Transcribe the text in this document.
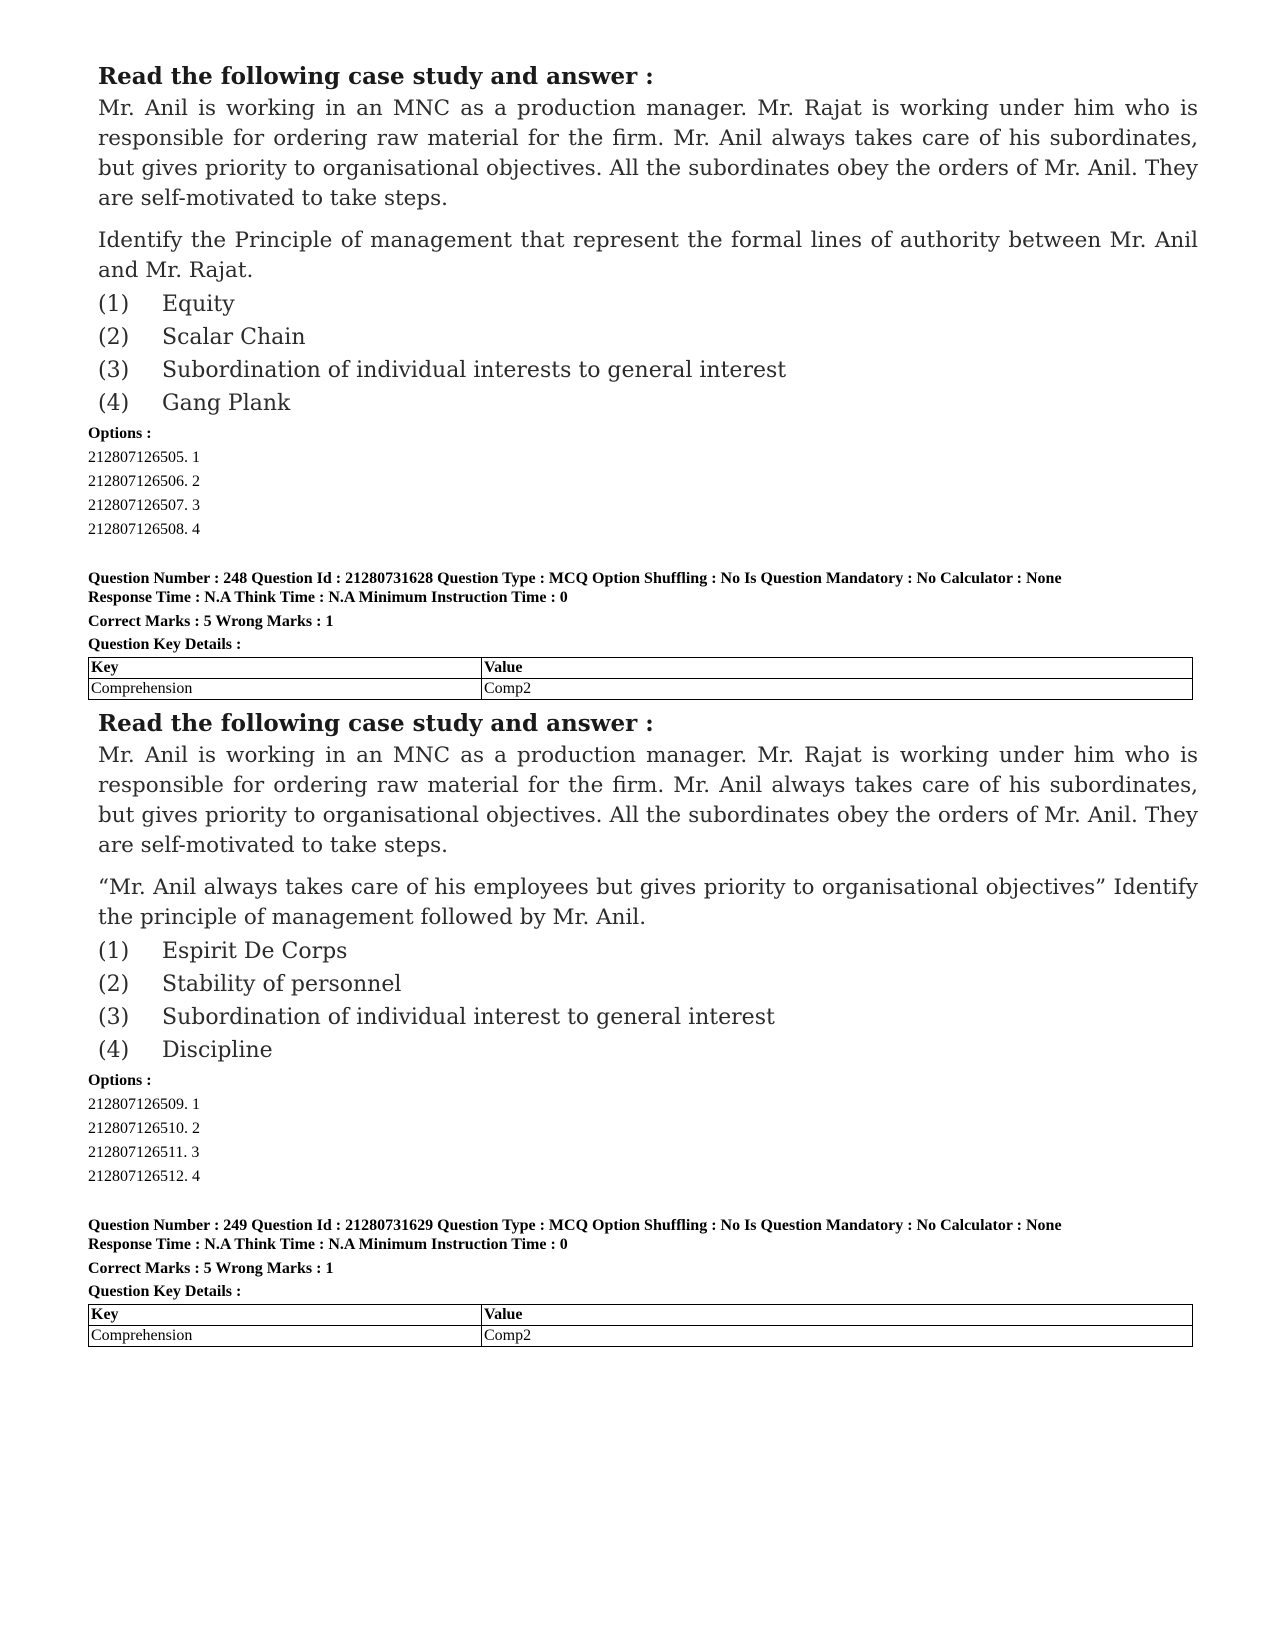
Read the following case study and answer :
Mr. Anil is working in an MNC as a production manager. Mr. Rajat is working under him who is responsible for ordering raw material for the firm. Mr. Anil always takes care of his subordinates, but gives priority to organisational objectives. All the subordinates obey the orders of Mr. Anil. They are self-motivated to take steps.
Identify the Principle of management that represent the formal lines of authority between Mr. Anil and Mr. Rajat.
(1)	Equity
(2)	Scalar Chain
(3)	Subordination of individual interests to general interest
(4)	Gang Plank
Options :
212807126505. 1
212807126506. 2
212807126507. 3
212807126508. 4
Question Number : 248 Question Id : 21280731628 Question Type : MCQ Option Shuffling : No Is Question Mandatory : No Calculator : None
Response Time : N.A Think Time : N.A Minimum Instruction Time : 0
Correct Marks : 5 Wrong Marks : 1
Question Key Details :
Key	Value
Comprehension	Comp2
Read the following case study and answer :
Mr. Anil is working in an MNC as a production manager. Mr. Rajat is working under him who is responsible for ordering raw material for the firm. Mr. Anil always takes care of his subordinates, but gives priority to organisational objectives. All the subordinates obey the orders of Mr. Anil. They are self-motivated to take steps.
“Mr. Anil always takes care of his employees but gives priority to organisational objectives” Identify the principle of management followed by Mr. Anil.
(1)	Espirit De Corps
(2)	Stability of personnel
(3)	Subordination of individual interest to general interest
(4)	Discipline
Options :
212807126509. 1
212807126510. 2
212807126511. 3
212807126512. 4
Question Number : 249 Question Id : 21280731629 Question Type : MCQ Option Shuffling : No Is Question Mandatory : No Calculator : None
Response Time : N.A Think Time : N.A Minimum Instruction Time : 0
Correct Marks : 5 Wrong Marks : 1
Question Key Details :
Key	Value
Comprehension	Comp2
